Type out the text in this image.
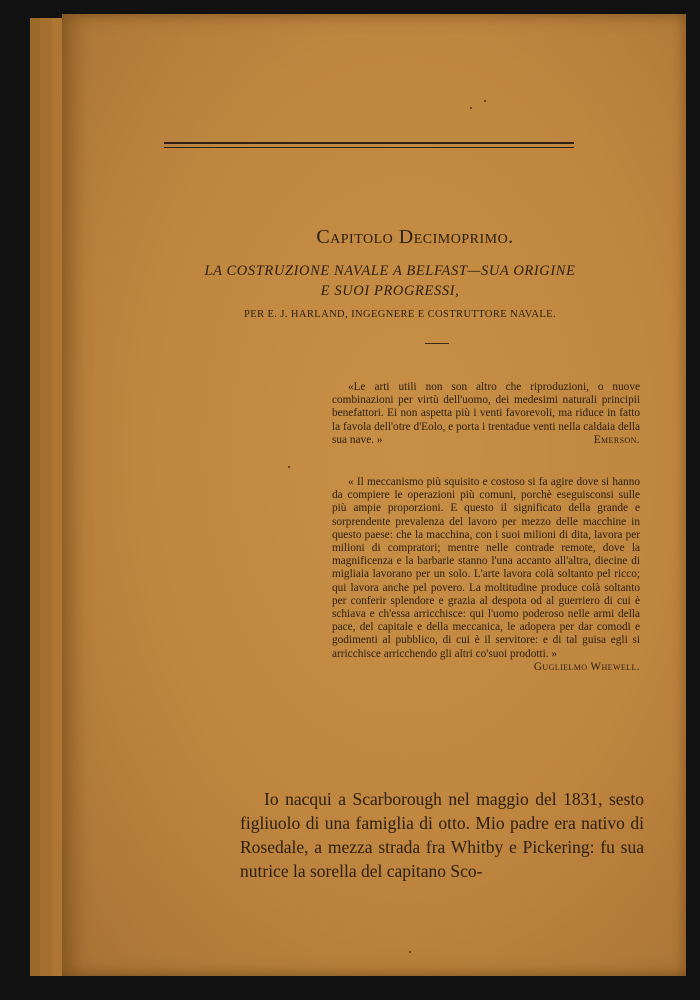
Capitolo Decimoprimo.
LA COSTRUZIONE NAVALE A BELFAST—SUA ORIGINE
E SUOI PROGRESSI,
PER E. J. HARLAND, INGEGNERE E COSTRUTTORE NAVALE.
«Le arti utili non son altro che riproduzioni, o nuove combinazioni per virtù dell'uomo, dei medesimi naturali principii benefattori. Ei non aspetta più i venti favorevoli, ma riduce in fatto la favola dell'otre d'Eolo, e porta i trentadue venti nella caldaia della sua nave. »	Emerson.
« Il meccanismo più squisito e costoso si fa agire dove si hanno da compiere le operazioni più comuni, porchè eseguisconsi sulle più ampie proporzioni. E questo il significato della grande e sorprendente prevalenza del lavoro per mezzo delle macchine in questo paese: che la macchina, con i suoi milioni di dita, lavora per milioni di compratori; mentre nelle contrade remote, dove la magnificenza e la barbarie stanno l'una accanto all'altra, diecine di migliaia lavorano per un solo. L'arte lavora colà soltanto pel ricco; qui lavora anche pel povero. La moltitudine produce colà soltanto per conferir splendore e grazia al despota od al guerriero di cui è schiava e ch'essa arricchisce: qui l'uomo poderoso nelle armi della pace, del capitale e della meccanica, le adopera per dar comodi e godimenti al pubblico, di cui è il servitore: e di tal guisa egli si arricchisce arricchendo gli altri co'suoi prodotti. »
Guglielmo Whewell.

Io nacqui a Scarborough nel maggio del 1831, sesto figliuolo di una famiglia di otto. Mio padre era nativo di Rosedale, a mezza strada fra Whitby e Pickering: fu sua nutrice la sorella del capitano Sco-
